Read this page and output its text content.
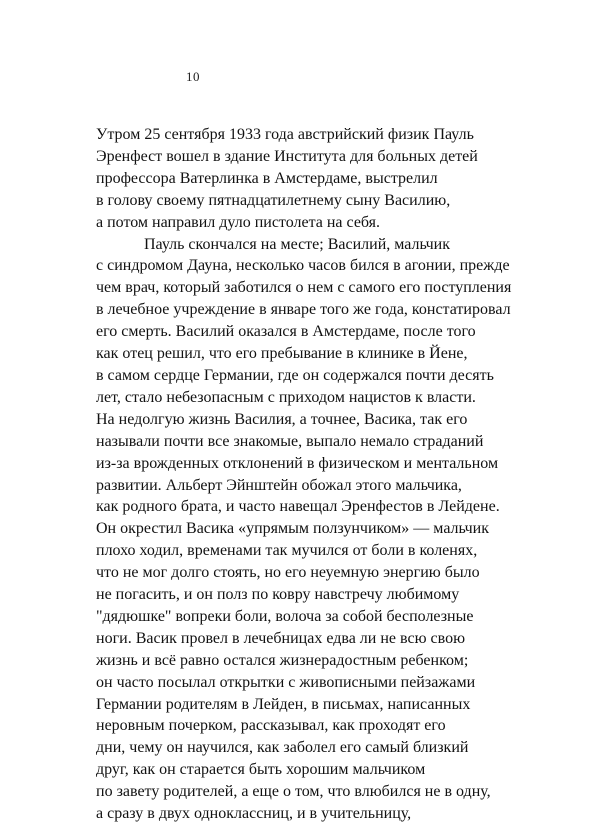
10
Утром 25 сентября 1933 года австрийский физик Пауль
Эренфест вошел в здание Института для больных детей
профессора Ватерлинка в Амстердаме, выстрелил
в голову своему пятнадцатилетнему сыну Василию,
а потом направил дуло пистолета на себя.
Пауль скончался на месте; Василий, мальчик
с синдромом Дауна, несколько часов бился в агонии, прежде
чем врач, который заботился о нем с самого его поступления
в лечебное учреждение в январе того же года, констатировал
его смерть. Василий оказался в Амстердаме, после того
как отец решил, что его пребывание в клинике в Йене,
в самом сердце Германии, где он содержался почти десять
лет, стало небезопасным с приходом нацистов к власти.
На недолгую жизнь Василия, а точнее, Васика, так его
называли почти все знакомые, выпало немало страданий
из-за врожденных отклонений в физическом и ментальном
развитии. Альберт Эйнштейн обожал этого мальчика,
как родного брата, и часто навещал Эренфестов в Лейдене.
Он окрестил Васика «упрямым ползунчиком» — мальчик
плохо ходил, временами так мучился от боли в коленях,
что не мог долго стоять, но его неуемную энергию было
не погасить, и он полз по ковру навстречу любимому
"дядюшке" вопреки боли, волоча за собой бесполезные
ноги. Васик провел в лечебницах едва ли не всю свою
жизнь и всё равно остался жизнерадостным ребенком;
он часто посылал открытки с живописными пейзажами
Германии родителям в Лейден, в письмах, написанных
неровным почерком, рассказывал, как проходят его
дни, чему он научился, как заболел его самый близкий
друг, как он старается быть хорошим мальчиком
по завету родителей, а еще о том, что влюбился не в одну,
а сразу в двух одноклассниц, и в учительницу,
